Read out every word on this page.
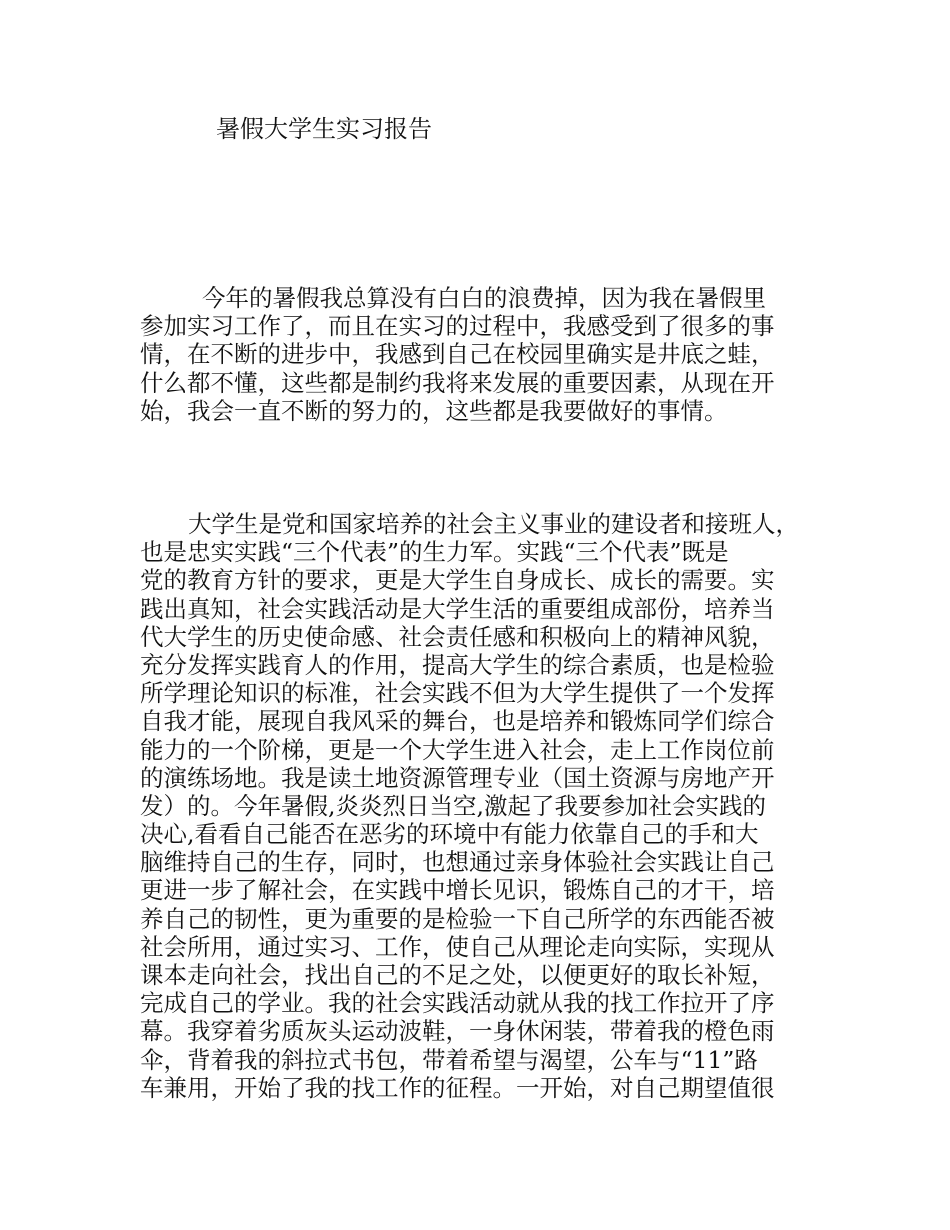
暑假大学生实习报告

今年的暑假我总算没有白白的浪费掉，因为我在暑假里
参加实习工作了，而且在实习的过程中，我感受到了很多的事
情，在不断的进步中，我感到自己在校园里确实是井底之蛙，
什么都不懂，这些都是制约我将来发展的重要因素，从现在开
始，我会一直不断的努力的，这些都是我要做好的事情。

大学生是党和国家培养的社会主义事业的建设者和接班人，
也是忠实实践“三个代表”的生力军。实践“三个代表”既是
党的教育方针的要求，更是大学生自身成长、成长的需要。实
践出真知，社会实践活动是大学生活的重要组成部份，培养当
代大学生的历史使命感、社会责任感和积极向上的精神风貌，
充分发挥实践育人的作用，提高大学生的综合素质，也是检验
所学理论知识的标准，社会实践不但为大学生提供了一个发挥
自我才能，展现自我风采的舞台，也是培养和锻炼同学们综合
能力的一个阶梯，更是一个大学生进入社会，走上工作岗位前
的演练场地。我是读土地资源管理专业（国土资源与房地产开
发）的。今年暑假,炎炎烈日当空,激起了我要参加社会实践的
决心,看看自己能否在恶劣的环境中有能力依靠自己的手和大
脑维持自己的生存，同时，也想通过亲身体验社会实践让自己
更进一步了解社会，在实践中增长见识，锻炼自己的才干，培
养自己的韧性，更为重要的是检验一下自己所学的东西能否被
社会所用，通过实习、工作，使自己从理论走向实际，实现从
课本走向社会，找出自己的不足之处，以便更好的取长补短，
完成自己的学业。我的社会实践活动就从我的找工作拉开了序
幕。我穿着劣质灰头运动波鞋，一身休闲装，带着我的橙色雨
伞，背着我的斜拉式书包，带着希望与渴望，公车与“11”路
车兼用，开始了我的找工作的征程。一开始，对自己期望值很
